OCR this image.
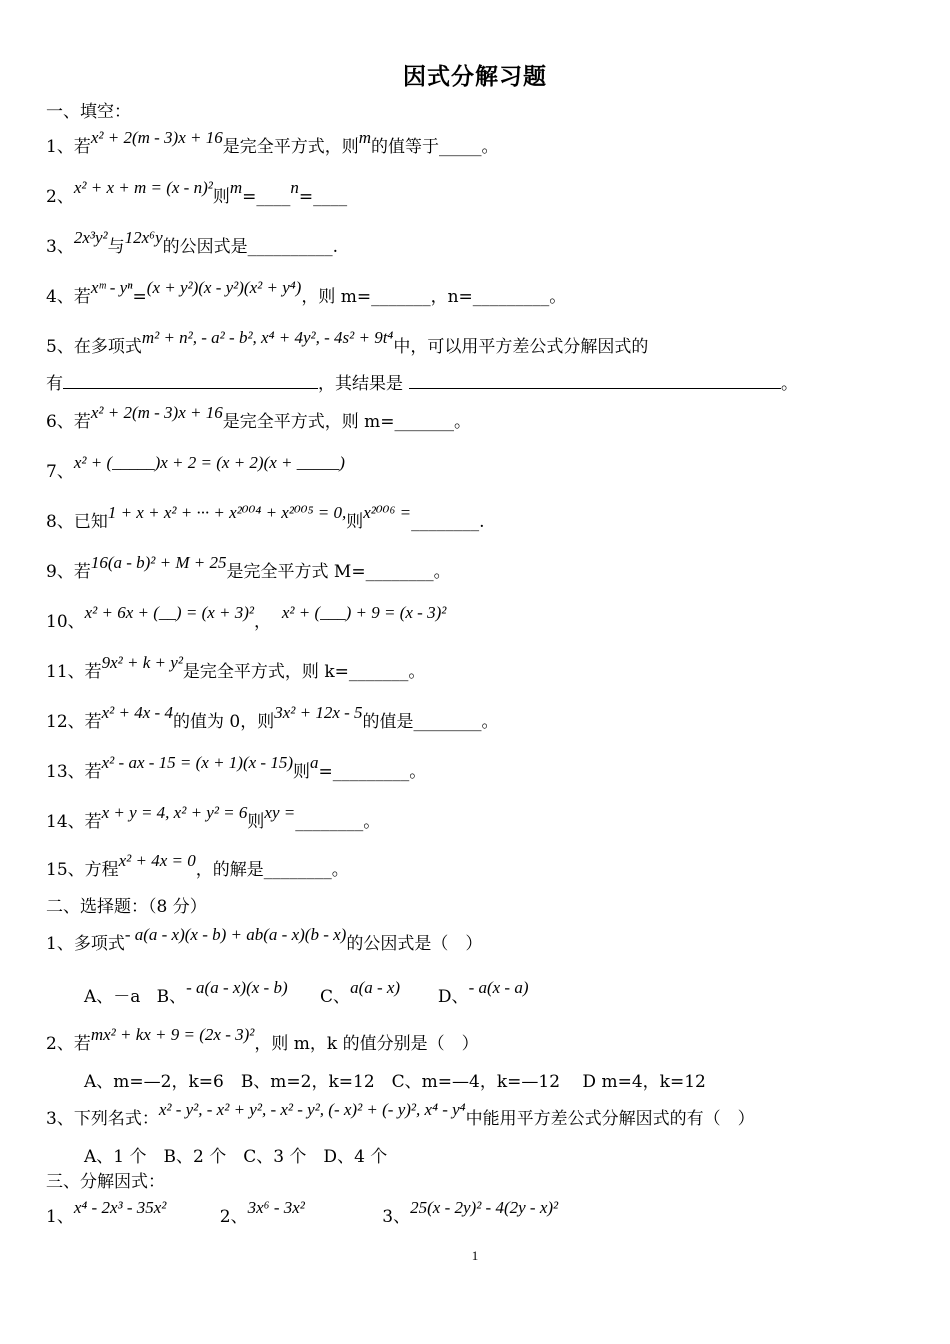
因式分解习题
一、填空：
1、若x² + 2(m - 3)x + 16是完全平方式，则m的值等于_____。
2、x² + x + m = (x - n)²则m=____n=____
3、2x³y²与12x⁶y的公因式是__________.
4、若xᵐ - yⁿ=(x + y²)(x - y²)(x² + y⁴)，则 m=_______，n=_________。
5、在多项式m² + n², - a² - b², x⁴ + 4y², - 4s² + 9t⁴中，可以用平方差公式分解因式的
有	，其结果是	。
6、若x² + 2(m - 3)x + 16是完全平方式，则 m=_______。
7、x² + (_____)x + 2 = (x + 2)(x + _____)
8、已知1 + x + x² + ··· + x²⁰⁰⁴ + x²⁰⁰⁵ = 0,则x²⁰⁰⁶ =________.
9、若16(a - b)² + M + 25是完全平方式 M=________。
10、x² + 6x + (__) = (x + 3)²， x² + (___) + 9 = (x - 3)²
11、若9x² + k + y²是完全平方式，则 k=_______。
12、若x² + 4x - 4的值为 0，则3x² + 12x - 5的值是________。
13、若x² - ax - 15 = (x + 1)(x - 15)则a=_________。
14、若x + y = 4, x² + y² = 6则xy =________。
15、方程x² + 4x = 0，的解是________。
二、选择题：（8 分）
1、多项式- a(a - x)(x - b) + ab(a - x)(b - x)的公因式是（　）
A、－a B、- a(a - x)(x - b) C、a(a - x) D、- a(x - a)
2、若mx² + kx + 9 = (2x - 3)²，则 m，k 的值分别是（　）
A、m=—2，k=6　B、m=2，k=12　C、m=—4，k=—12　 D m=4，k=12
3、下列名式：x² - y², - x² + y², - x² - y², (- x)² + (- y)², x⁴ - y⁴中能用平方差公式分解因式的有（　）
A、1 个　B、2 个　C、3 个　D、4 个
三、分解因式：
1、x⁴ - 2x³ - 35x²	2、3x⁶ - 3x²	3、25(x - 2y)² - 4(2y - x)²
1
